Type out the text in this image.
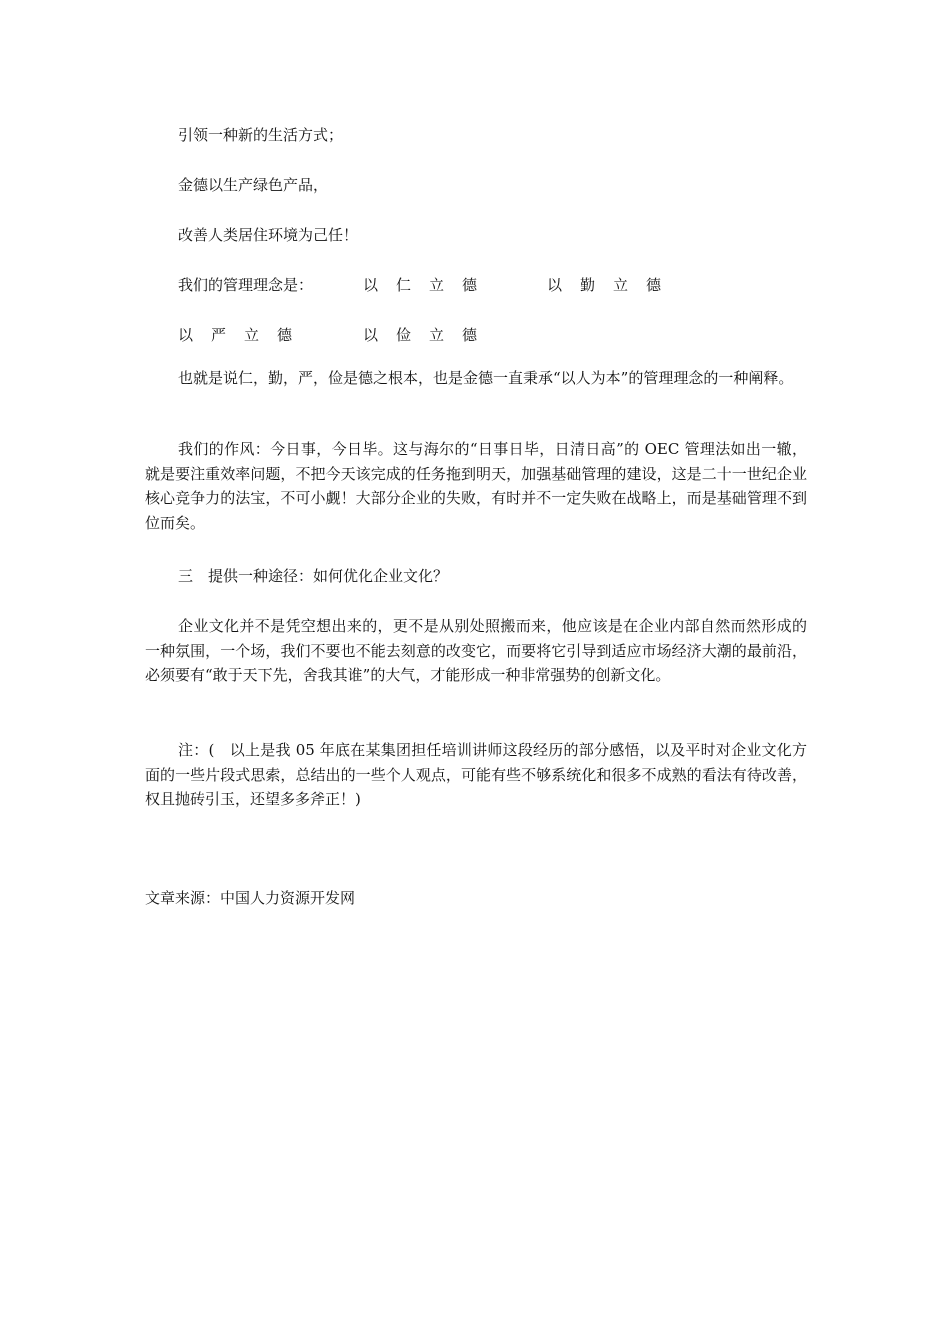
引领一种新的生活方式；
金德以生产绿色产品，
改善人类居住环境为己任！
我们的管理理念是：	以仁立德	以勤立德
以严立德	以俭立德
也就是说仁，勤，严，俭是德之根本，也是金德一直秉承“以人为本”的管理理念的一种阐释。
我们的作风：今日事，今日毕。这与海尔的“日事日毕，日清日高”的 OEC 管理法如出一辙，就是要注重效率问题，不把今天该完成的任务拖到明天，加强基础管理的建设，这是二十一世纪企业核心竞争力的法宝，不可小觑！大部分企业的失败，有时并不一定失败在战略上，而是基础管理不到位而矣。
三　提供一种途径：如何优化企业文化？
企业文化并不是凭空想出来的，更不是从别处照搬而来，他应该是在企业内部自然而然形成的一种氛围，一个场，我们不要也不能去刻意的改变它，而要将它引导到适应市场经济大潮的最前沿，必须要有“敢于天下先，舍我其谁”的大气，才能形成一种非常强势的创新文化。
注：(　以上是我 05 年底在某集团担任培训讲师这段经历的部分感悟，以及平时对企业文化方面的一些片段式思索，总结出的一些个人观点，可能有些不够系统化和很多不成熟的看法有待改善，权且抛砖引玉，还望多多斧正！)
文章来源：中国人力资源开发网
